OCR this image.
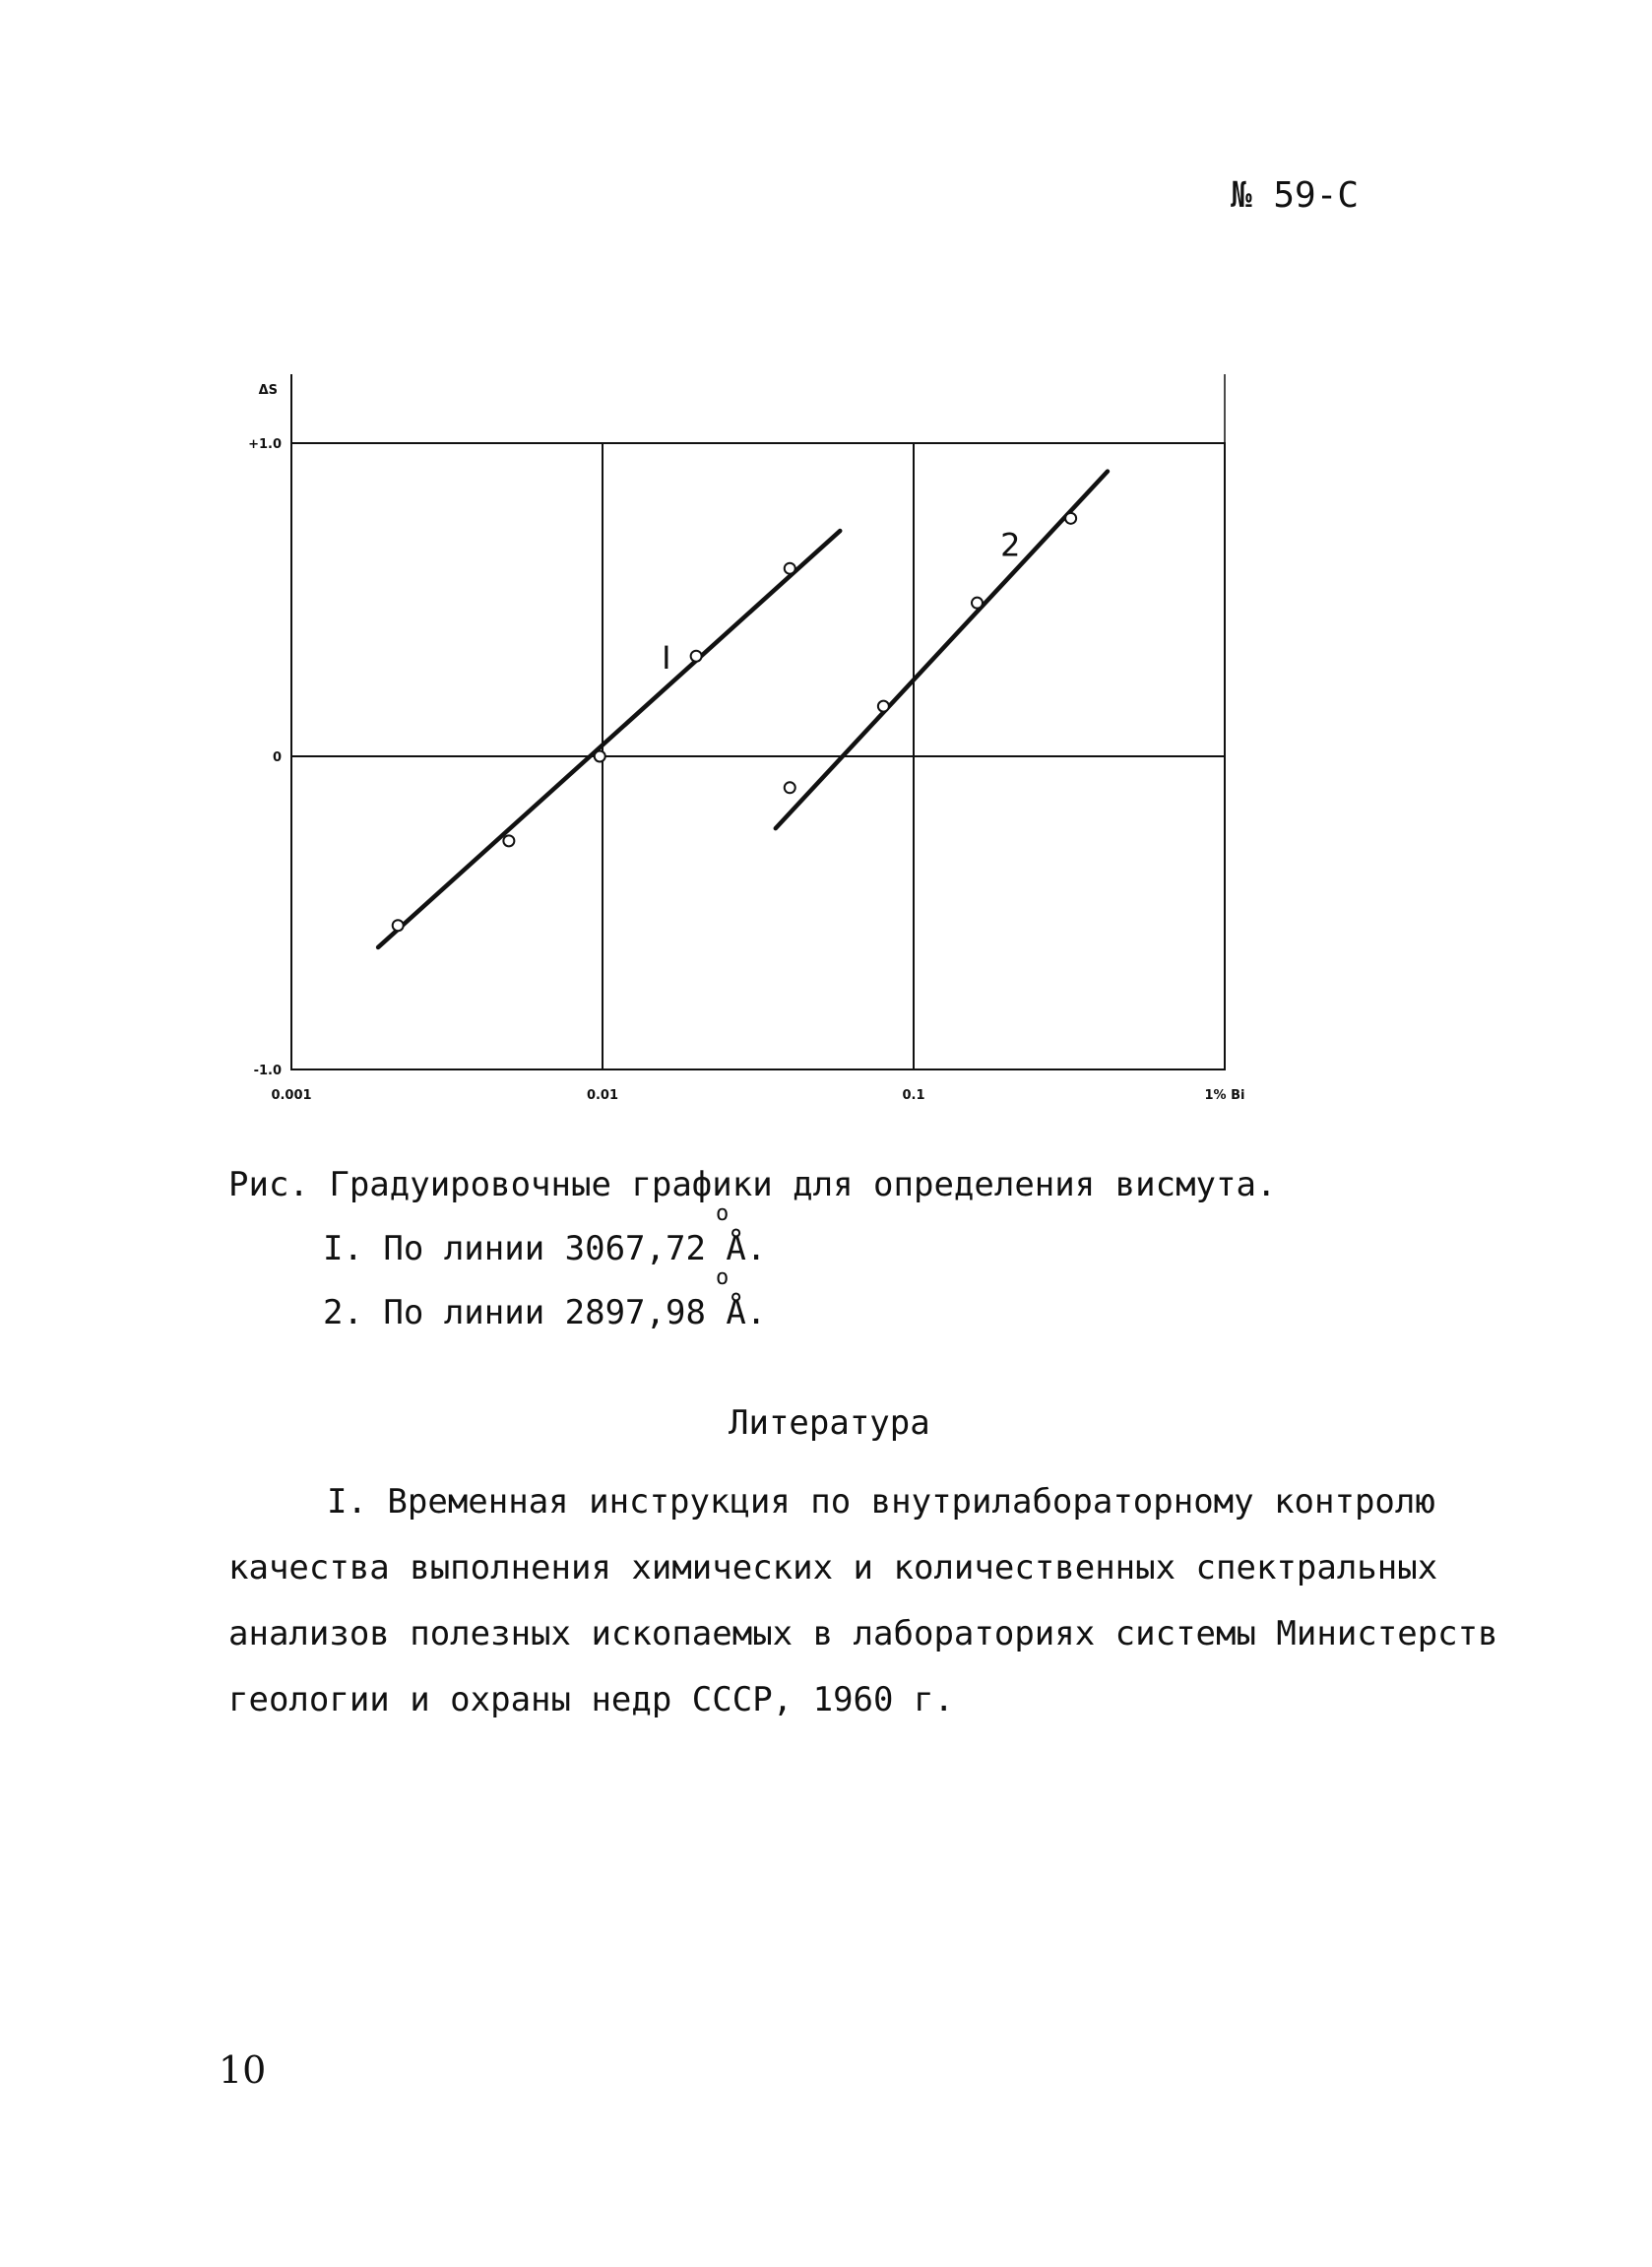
№ 59-С
0.001	0.01	0.1	1% Bi
-1.0
0
+1.0
ΔS
I
2
Рис. Градуировочные графики для определения висмута.
о
I. По линии 3067,72 Å.
о
2. По линии 2897,98 Å.
Литература
I. Временная инструкция по внутрилабораторному контролю
качества выполнения химических и количественных спектральных
анализов полезных ископаемых в лабораториях системы Министерств
геологии и охраны недр СССР, 1960 г.
10
